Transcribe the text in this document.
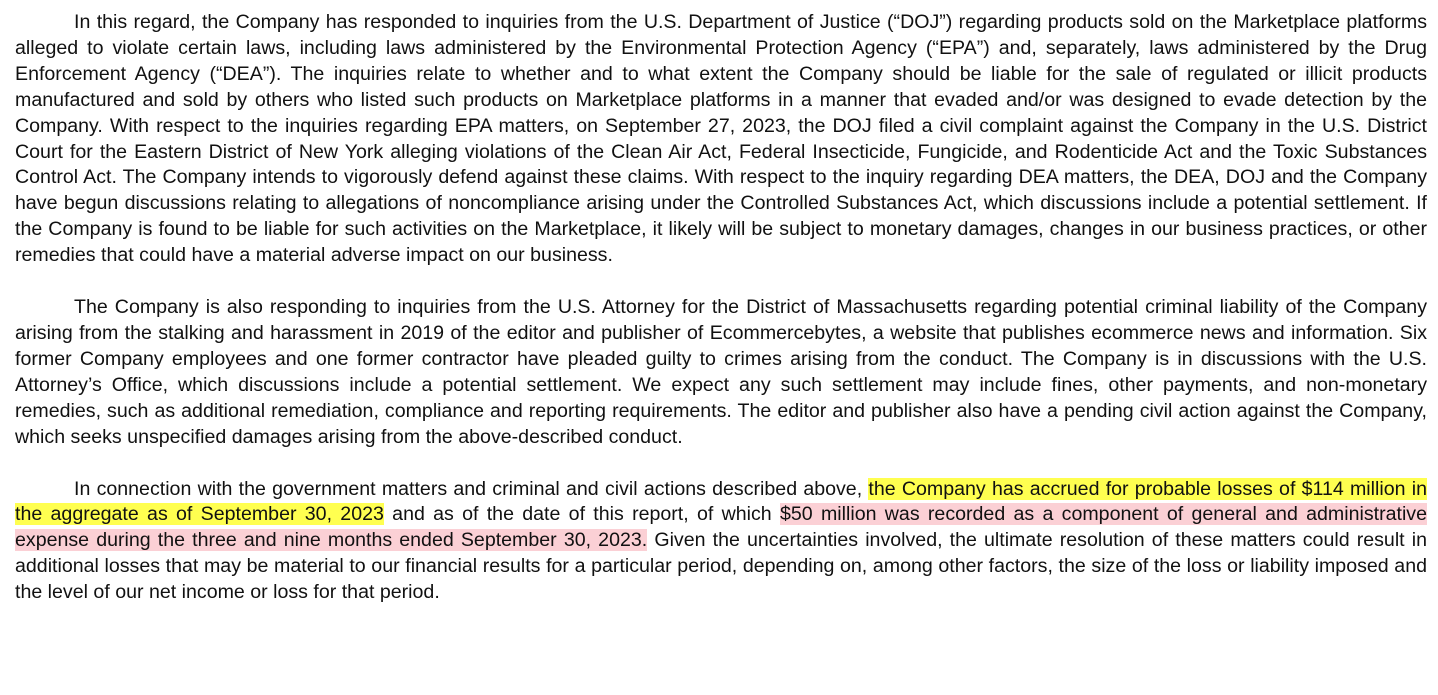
In this regard, the Company has responded to inquiries from the U.S. Department of Justice (“DOJ”) regarding products sold on the Marketplace platforms alleged to violate certain laws, including laws administered by the Environmental Protection Agency (“EPA”) and, separately, laws administered by the Drug Enforcement Agency (“DEA”). The inquiries relate to whether and to what extent the Company should be liable for the sale of regulated or illicit products manufactured and sold by others who listed such products on Marketplace platforms in a manner that evaded and/or was designed to evade detection by the Company. With respect to the inquiries regarding EPA matters, on September 27, 2023, the DOJ filed a civil complaint against the Company in the U.S. District Court for the Eastern District of New York alleging violations of the Clean Air Act, Federal Insecticide, Fungicide, and Rodenticide Act and the Toxic Substances Control Act. The Company intends to vigorously defend against these claims. With respect to the inquiry regarding DEA matters, the DEA, DOJ and the Company have begun discussions relating to allegations of noncompliance arising under the Controlled Substances Act, which discussions include a potential settlement. If the Company is found to be liable for such activities on the Marketplace, it likely will be subject to monetary damages, changes in our business practices, or other remedies that could have a material adverse impact on our business.

The Company is also responding to inquiries from the U.S. Attorney for the District of Massachusetts regarding potential criminal liability of the Company arising from the stalking and harassment in 2019 of the editor and publisher of Ecommercebytes, a website that publishes ecommerce news and information. Six former Company employees and one former contractor have pleaded guilty to crimes arising from the conduct. The Company is in discussions with the U.S. Attorney’s Office, which discussions include a potential settlement. We expect any such settlement may include fines, other payments, and non-monetary remedies, such as additional remediation, compliance and reporting requirements. The editor and publisher also have a pending civil action against the Company, which seeks unspecified damages arising from the above-described conduct.

In connection with the government matters and criminal and civil actions described above, the Company has accrued for probable losses of $114 million in the aggregate as of September 30, 2023 and as of the date of this report, of which $50 million was recorded as a component of general and administrative expense during the three and nine months ended September 30, 2023. Given the uncertainties involved, the ultimate resolution of these matters could result in additional losses that may be material to our financial results for a particular period, depending on, among other factors, the size of the loss or liability imposed and the level of our net income or loss for that period.
